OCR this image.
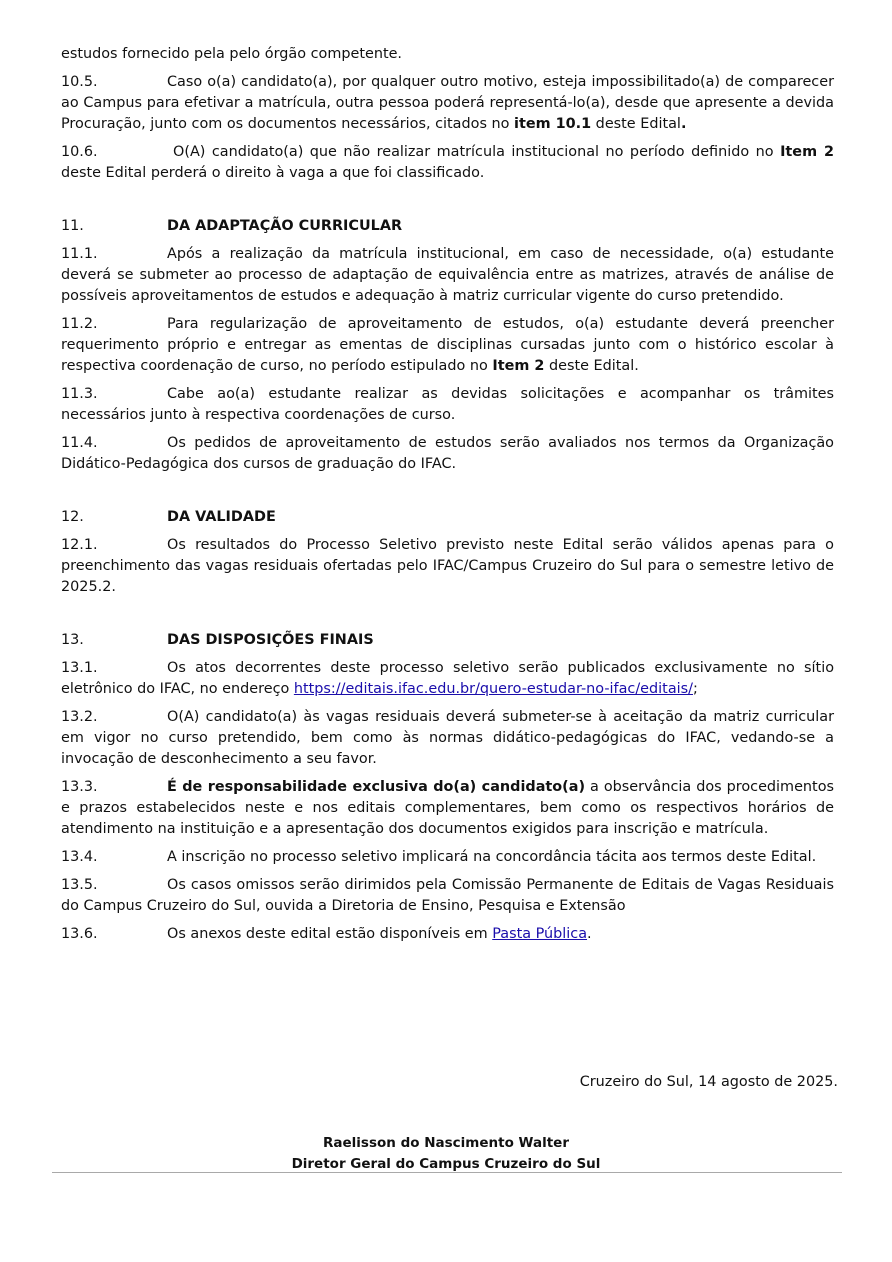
estudos fornecido pela pelo órgão competente.

10.5.	Caso o(a) candidato(a), por qualquer outro motivo, esteja impossibilitado(a) de comparecer ao Campus para efetivar a matrícula, outra pessoa poderá representá-lo(a), desde que apresente a devida Procuração, junto com os documentos necessários, citados no item 10.1 deste Edital.

10.6.	O(A) candidato(a) que não realizar matrícula institucional no período definido no Item 2 deste Edital perderá o direito à vaga a que foi classificado.

11.	DA ADAPTAÇÃO CURRICULAR

11.1.	Após a realização da matrícula institucional, em caso de necessidade, o(a) estudante deverá se submeter ao processo de adaptação de equivalência entre as matrizes, através de análise de possíveis aproveitamentos de estudos e adequação à matriz curricular vigente do curso pretendido.

11.2.	Para regularização de aproveitamento de estudos, o(a) estudante deverá preencher requerimento próprio e entregar as ementas de disciplinas cursadas junto com o histórico escolar à respectiva coordenação de curso, no período estipulado no Item 2 deste Edital.

11.3.	Cabe ao(a) estudante realizar as devidas solicitações e acompanhar os trâmites necessários junto à respectiva coordenações de curso.

11.4.	Os pedidos de aproveitamento de estudos serão avaliados nos termos da Organização Didático-Pedagógica dos cursos de graduação do IFAC.

12.	DA VALIDADE

12.1.	Os resultados do Processo Seletivo previsto neste Edital serão válidos apenas para o preenchimento das vagas residuais ofertadas pelo IFAC/Campus Cruzeiro do Sul para o semestre letivo de 2025.2.

13.	DAS DISPOSIÇÕES FINAIS

13.1.	Os atos decorrentes deste processo seletivo serão publicados exclusivamente no sítio eletrônico do IFAC, no endereço https://editais.ifac.edu.br/quero-estudar-no-ifac/editais/;

13.2.	O(A) candidato(a) às vagas residuais deverá submeter-se à aceitação da matriz curricular em vigor no curso pretendido, bem como às normas didático-pedagógicas do IFAC, vedando-se a invocação de desconhecimento a seu favor.

13.3.	É de responsabilidade exclusiva do(a) candidato(a) a observância dos procedimentos e prazos estabelecidos neste e nos editais complementares, bem como os respectivos horários de atendimento na instituição e a apresentação dos documentos exigidos para inscrição e matrícula.

13.4.	A inscrição no processo seletivo implicará na concordância tácita aos termos deste Edital.

13.5.	Os casos omissos serão dirimidos pela Comissão Permanente de Editais de Vagas Residuais do Campus Cruzeiro do Sul, ouvida a Diretoria de Ensino, Pesquisa e Extensão

13.6.	Os anexos deste edital estão disponíveis em Pasta Pública.

Cruzeiro do Sul, 14 agosto de 2025.
Raelisson do Nascimento Walter
Diretor Geral do Campus Cruzeiro do Sul
